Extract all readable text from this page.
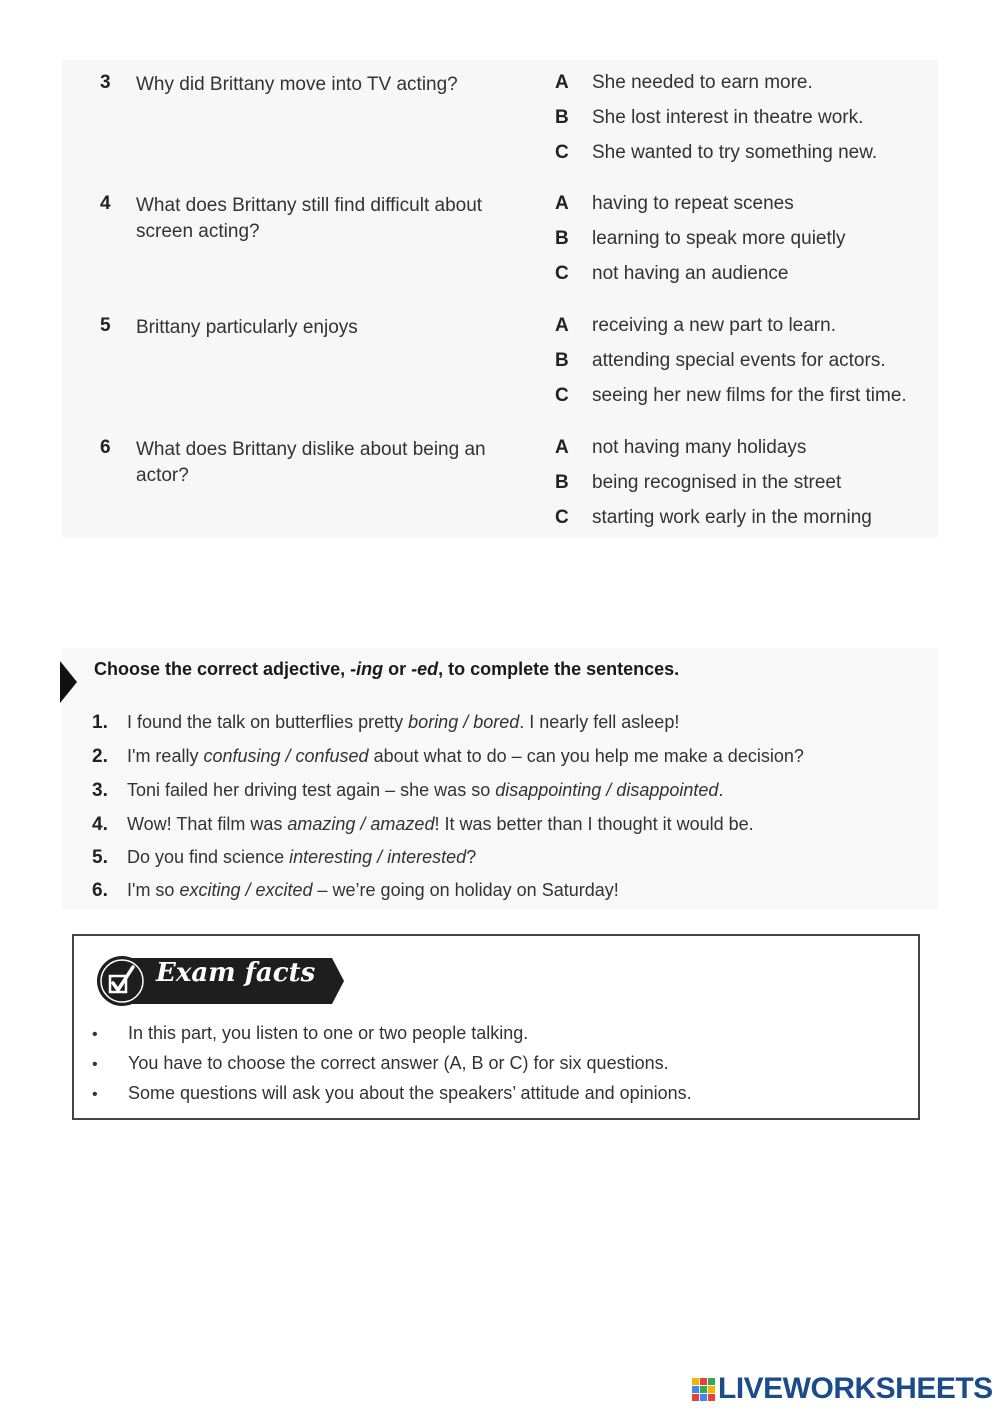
3 Why did Brittany move into TV acting?	A She needed to earn more.
B She lost interest in theatre work.
C She wanted to try something new.
4 What does Brittany still find difficult about screen acting?
A having to repeat scenes
B learning to speak more quietly
C not having an audience
5 Brittany particularly enjoys	A receiving a new part to learn.
B attending special events for actors.
C seeing her new films for the first time.
6 What does Brittany dislike about being an actor?
A not having many holidays
B being recognised in the street
C starting work early in the morning
Choose the correct adjective, -ing or -ed, to complete the sentences.
1. I found the talk on butterflies pretty boring / bored. I nearly fell asleep!
2. I'm really confusing / confused about what to do – can you help me make a decision?
3. Toni failed her driving test again – she was so disappointing / disappointed.
4. Wow! That film was amazing / amazed! It was better than I thought it would be.
5. Do you find science interesting / interested?
6. I'm so exciting / excited – we’re going on holiday on Saturday!
Exam facts
• In this part, you listen to one or two people talking.
• You have to choose the correct answer (A, B or C) for six questions.
• Some questions will ask you about the speakers’ attitude and opinions.
LIVEWORKSHEETS
